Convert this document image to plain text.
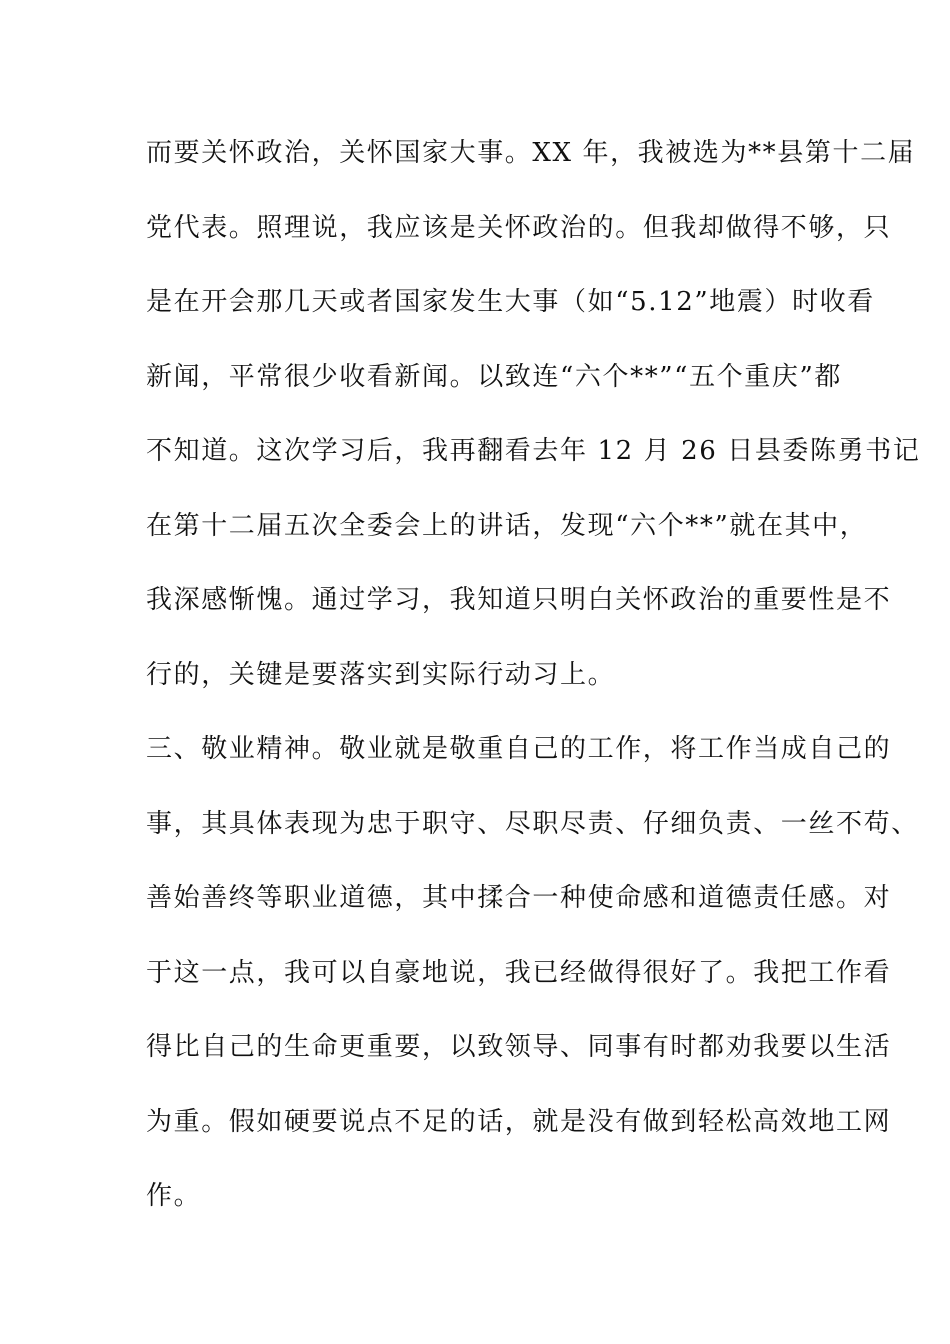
而要关怀政治，关怀国家大事。XX 年，我被选为**县第十二届
党代表。照理说，我应该是关怀政治的。但我却做得不够，只
是在开会那几天或者国家发生大事（如“5.12”地震）时收看
新闻，平常很少收看新闻。以致连“六个**”“五个重庆”都
不知道。这次学习后，我再翻看去年 12 月 26 日县委陈勇书记
在第十二届五次全委会上的讲话，发现“六个**”就在其中，
我深感惭愧。通过学习，我知道只明白关怀政治的重要性是不
行的，关键是要落实到实际行动习上。
三、敬业精神。敬业就是敬重自己的工作，将工作当成自己的
事，其具体表现为忠于职守、尽职尽责、仔细负责、一丝不苟、
善始善终等职业道德，其中揉合一种使命感和道德责任感。对
于这一点，我可以自豪地说，我已经做得很好了。我把工作看
得比自己的生命更重要，以致领导、同事有时都劝我要以生活
为重。假如硬要说点不足的话，就是没有做到轻松高效地工网
作。
